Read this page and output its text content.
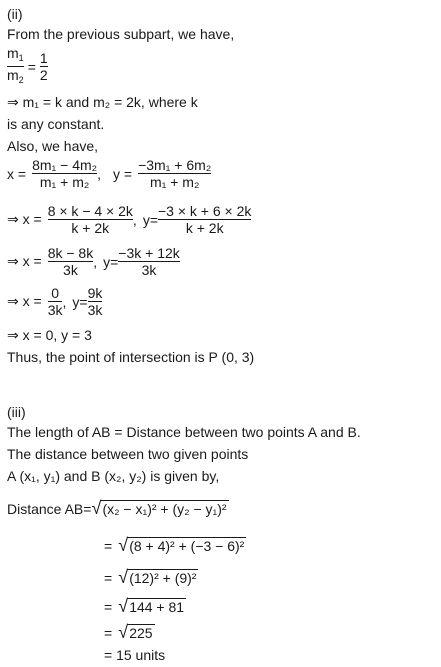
(ii)
From the previous subpart, we have,
$\frac{m_1}{m_2} = \frac{1}{2}$
⇒ m₁ = k and m₂ = 2k, where k
is any constant.
Also, we have,
$x = \frac{\text{8m₁ − 4m₂}}{\text{m₁ + m₂}}$ , $y = \frac{\text{−3m₁ + 6m₂}}{\text{m₁ + m₂}}$
⇒ $x = \frac{8 \times k - 4 \times 2k}{k + 2k}$ , $y= \frac{-3 \times k + 6 \times 2k}{k + 2k}$
⇒ $x = \frac{8k - 8k}{3k}$ , $y= \frac{-3k + 12k}{3k}$
⇒ $x = \frac{0}{3k}$ , $y= \frac{9k}{3k}$
⇒ x = 0, y = 3
Thus, the point of intersection is P (0, 3)
(iii)
The length of AB = Distance between two points A and B.
The distance between two given points
A (x₁, y₁) and B (x₂, y₂) is given by,
Distance AB= √ (x₂ − x₁)² + (y₂ − y₁)²
= √ (8 + 4)² + (−3 − 6)²
= √ (12)² + (9)²
= √ 144 + 81
= √ 225
= 15 units
